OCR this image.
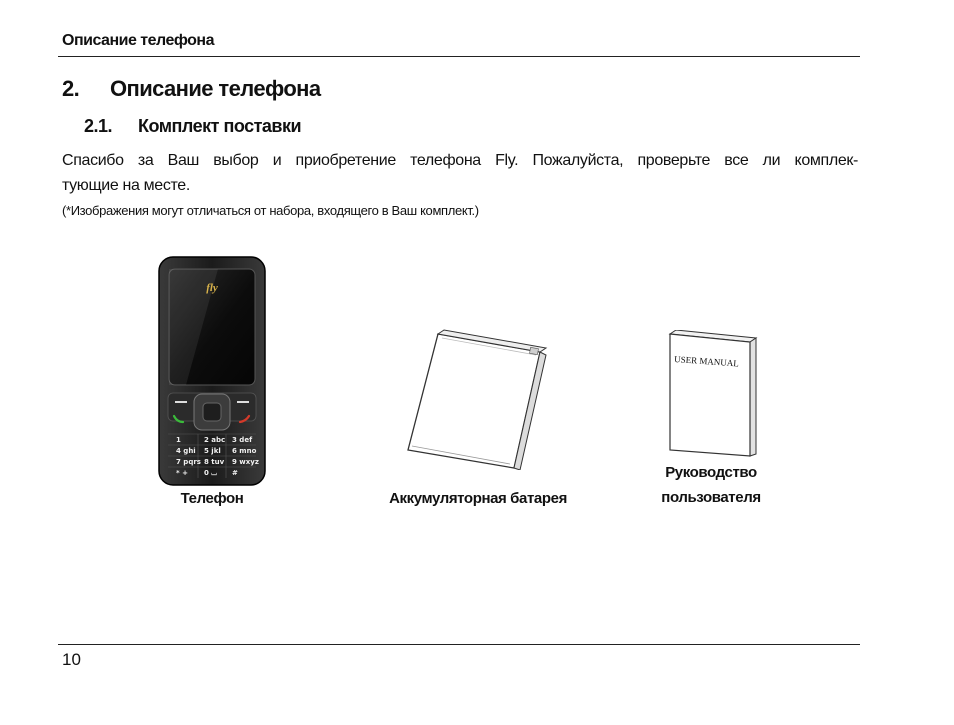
Описание телефона
2. Описание телефона
2.1. Комплект поставки
Спасибо за Ваш выбор и приобретение телефона Fly. Пожалуйста, проверьте все ли комплек-
тующие на месте.
(*Изображения могут отличаться от набора, входящего в Ваш комплект.)
fly
1	2 abc 3 def
4 ghi 5 jkl 6 mno
7 pqrs 8 tuv 9 wxyz
* + 0 ⌴ #
Телефон	Аккумуляторная батарея
USER MANUAL
Руководство
пользователя
10
